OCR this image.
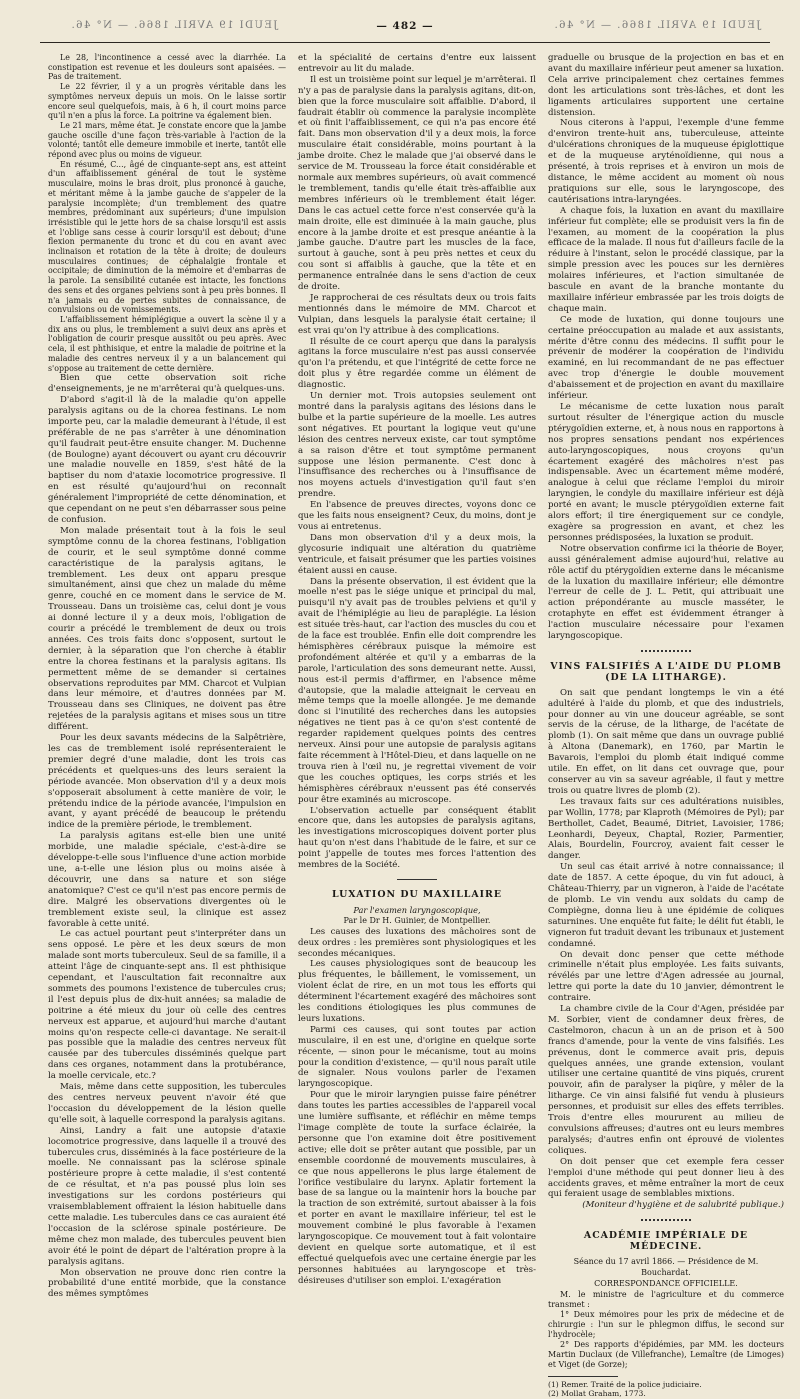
JEUDI 19 AVRIL 1866. — N° 46.	— 482 —	JEUDI 19 AVRIL 1866. — N° 46.

Le 28, l'incontinence a cessé avec la diarrhée. La constipation est revenue et les douleurs sont apaisées. — Pas de traitement.

Le 22 février, il y a un progrès véritable dans les symptômes nerveux depuis un mois. On le laisse sortir encore seul quelquefois, mais, à 6 h, il court moins parce qu'il n'en a plus la force. La poitrine va également bien.

Le 21 mars, même état. Je constate encore que la jambe gauche oscille d'une façon très-variable à l'action de la volonté; tantôt elle demeure immobile et inerte, tantôt elle répond avec plus ou moins de vigueur.

En résumé, C..., âgé de cinquante-sept ans, est atteint d'un affaiblissement général de tout le système musculaire, moins le bras droit, plus prononcé à gauche, et méritant même à la jambe gauche de s'appeler de la paralysie incomplète; d'un tremblement des quatre membres, prédominant aux supérieurs; d'une impulsion irrésistible qui le jette hors de sa chaise lorsqu'il est assis et l'oblige sans cesse à courir lorsqu'il est debout; d'une flexion permanente du tronc et du cou en avant avec inclinaison et rotation de la tête à droite; de douleurs musculaires continues; de céphalalgie frontale et occipitale; de diminution de la mémoire et d'embarras de la parole. La sensibilité cutanée est intacte, les fonctions des sens et des organes pelviens sont à peu près bonnes. Il n'a jamais eu de pertes subites de connaissance, de convulsions ou de vomissements.

L'affaiblissement hémiplégique a ouvert la scène il y a dix ans ou plus, le tremblement a suivi deux ans après et l'obligation de courir presque aussitôt ou peu après. Avec cela, il est phthisique, et entre la maladie de poitrine et la maladie des centres nerveux il y a un balancement qui s'oppose au traitement de cette dernière.

Bien que cette observation soit riche d'enseignements, je ne m'arrêterai qu'à quelques-uns.

D'abord s'agit-il là de la maladie qu'on appelle paralysis agitans ou de la chorea festinans. Le nom importe peu, car la maladie demeurant à l'étude, il est préférable de ne pas s'arrêter à une dénomination qu'il faudrait peut-être ensuite changer. M. Duchenne (de Boulogne) ayant découvert ou ayant cru découvrir une maladie nouvelle en 1859, s'est hâté de la baptiser du nom d'ataxie locomotrice progressive. Il en est résulté qu'aujourd'hui on reconnaît généralement l'impropriété de cette dénomination, et que cependant on ne peut s'en débarrasser sous peine de confusion.

Mon malade présentait tout à la fois le seul symptôme connu de la chorea festinans, l'obligation de courir, et le seul symptôme donné comme caractéristique de la paralysis agitans, le tremblement. Les deux ont apparu presque simultanément, ainsi que chez un malade du même genre, couché en ce moment dans le service de M. Trousseau. Dans un troisième cas, celui dont je vous ai donné lecture il y a deux mois, l'obligation de courir a précédé le tremblement de deux ou trois années. Ces trois faits donc s'opposent, surtout le dernier, à la séparation que l'on cherche à établir entre la chorea festinans et la paralysis agitans. Ils permettent même de se demander si certaines observations reproduites par MM. Charcot et Vulpian dans leur mémoire, et d'autres données par M. Trousseau dans ses Cliniques, ne doivent pas être rejetées de la paralysis agitans et mises sous un titre différent.

Pour les deux savants médecins de la Salpêtrière, les cas de tremblement isolé représenteraient le premier degré d'une maladie, dont les trois cas précédents et quelques-uns des leurs seraient la période avancée. Mon observation d'il y a deux mois s'opposerait absolument à cette manière de voir, le prétendu indice de la période avancée, l'impulsion en avant, y ayant précédé de beaucoup le prétendu indice de la première période, le tremblement.

La paralysis agitans est-elle bien une unité morbide, une maladie spéciale, c'est-à-dire se développe-t-elle sous l'influence d'une action morbide une, a-t-elle une lésion plus ou moins aisée à découvrir, une dans sa nature et son siége anatomique? C'est ce qu'il n'est pas encore permis de dire. Malgré les observations divergentes où le tremblement existe seul, la clinique est assez favorable à cette unité.

Le cas actuel pourtant peut s'interpréter dans un sens opposé. Le père et les deux sœurs de mon malade sont morts tuberculeux. Seul de sa famille, il a atteint l'âge de cinquante-sept ans. Il est phthisique cependant, et l'auscultation fait reconnaître aux sommets des poumons l'existence de tubercules crus; il l'est depuis plus de dix-huit années; sa maladie de poitrine a été mieux du jour où celle des centres nerveux est apparue, et aujourd'hui marche d'autant moins qu'on respecte celle-ci davantage. Ne serait-il pas possible que la maladie des centres nerveux fût causée par des tubercules disséminés quelque part dans ces organes, notamment dans la protubérance, la moelle cervicale, etc.?

Mais, même dans cette supposition, les tubercules des centres nerveux peuvent n'avoir été que l'occasion du développement de la lésion quelle qu'elle soit, à laquelle correspond la paralysis agitans.

Ainsi, Landry a fait une autopsie d'ataxie locomotrice progressive, dans laquelle il a trouvé des tubercules crus, disséminés à la face postérieure de la moelle. Ne connaissant pas la sclérose spinale postérieure propre à cette maladie, il s'est contenté de ce résultat, et n'a pas poussé plus loin ses investigations sur les cordons postérieurs qui vraisemblablement offraient la lésion habituelle dans cette maladie. Les tubercules dans ce cas auraient été l'occasion de la sclérose spinale postérieure. De même chez mon malade, des tubercules peuvent bien avoir été le point de départ de l'altération propre à la paralysis agitans.

Mon observation ne prouve donc rien contre la probabilité d'une entité morbide, que la constance des mêmes symptômes

et la spécialité de certains d'entre eux laissent entrevoir au lit du malade.

Il est un troisième point sur lequel je m'arrêterai. Il n'y a pas de paralysie dans la paralysis agitans, dit-on, bien que la force musculaire soit affaiblie. D'abord, il faudrait établir où commence la paralysie incomplète et où finit l'affaiblissement, ce qui n'a pas encore été fait. Dans mon observation d'il y a deux mois, la force musculaire était considérable, moins pourtant à la jambe droite. Chez le malade que j'ai observé dans le service de M. Trousseau la force était considérable et normale aux membres supérieurs, où avait commencé le tremblement, tandis qu'elle était très-affaiblie aux membres inférieurs où le tremblement était léger. Dans le cas actuel cette force n'est conservée qu'à la main droite, elle est diminuée à la main gauche, plus encore à la jambe droite et est presque anéantie à la jambe gauche. D'autre part les muscles de la face, surtout à gauche, sont à peu près nettes et ceux du cou sont si affaiblis à gauche, que la tête et en permanence entraînée dans le sens d'action de ceux de droite.

Je rapprocherai de ces résultats deux ou trois faits mentionnés dans le mémoire de MM. Charcot et Vulpian, dans lesquels la paralysie était certaine; il est vrai qu'on l'y attribue à des complications.

Il résulte de ce court aperçu que dans la paralysis agitans la force musculaire n'est pas aussi conservée qu'on l'a prétendu, et que l'intégrité de cette force ne doit plus y être regardée comme un élément de diagnostic.

Un dernier mot. Trois autopsies seulement ont montré dans la paralysis agitans des lésions dans le bulbe et la partie supérieure de la moelle. Les autres sont négatives. Et pourtant la logique veut qu'une lésion des centres nerveux existe, car tout symptôme a sa raison d'être et tout symptôme permanent suppose une lésion permanente. C'est donc à l'insuffisance des recherches ou à l'insuffisance de nos moyens actuels d'investigation qu'il faut s'en prendre.

En l'absence de preuves directes, voyons donc ce que les faits nous enseignent? Ceux, du moins, dont je vous ai entretenus.

Dans mon observation d'il y a deux mois, la glycosurie indiquait une altération du quatrième ventricule, et faisait présumer que les parties voisines étaient aussi en cause.

Dans la présente observation, il est évident que la moelle n'est pas le siége unique et principal du mal, puisqu'il n'y avait pas de troubles pelviens et qu'il y avait de l'hémiplégie au lieu de paraplégie. La lésion est située très-haut, car l'action des muscles du cou et de la face est troublée. Enfin elle doit comprendre les hémisphères cérébraux puisque la mémoire est profondément altérée et qu'il y a embarras de la parole, l'articulation des sons demeurant nette. Aussi, nous est-il permis d'affirmer, en l'absence même d'autopsie, que la maladie atteignait le cerveau en même temps que la moelle allongée. Je me demande donc si l'inutilité des recherches dans les autopsies négatives ne tient pas à ce qu'on s'est contenté de regarder rapidement quelques points des centres nerveux. Ainsi pour une autopsie de paralysis agitans faite récemment à l'Hôtel-Dieu, et dans laquelle on ne trouva rien à l'œil nu, je regrettai vivement de voir que les couches optiques, les corps striés et les hémisphères cérébraux n'eussent pas été conservés pour être examinés au microscope.

L'observation actuelle par conséquent établit encore que, dans les autopsies de paralysis agitans, les investigations microscopiques doivent porter plus haut qu'on n'est dans l'habitude de le faire, et sur ce point j'appelle de toutes mes forces l'attention des membres de la Société.

LUXATION DU MAXILLAIRE

Par l'examen laryngoscopique,

Par le Dr H. Guinier, de Montpellier.

Les causes des luxations des mâchoires sont de deux ordres : les premières sont physiologiques et les secondes mécaniques.

Les causes physiologiques sont de beaucoup les plus fréquentes, le bâillement, le vomissement, un violent éclat de rire, en un mot tous les efforts qui déterminent l'écartement exagéré des mâchoires sont les conditions étiologiques les plus communes de leurs luxations.

Parmi ces causes, qui sont toutes par action musculaire, il en est une, d'origine en quelque sorte récente, — sinon pour le mécanisme, tout au moins pour la condition d'existence, — qu'il nous paraît utile de signaler. Nous voulons parler de l'examen laryngoscopique.

Pour que le miroir laryngien puisse faire pénétrer dans toutes les parties accessibles de l'appareil vocal une lumière suffisante, et réfléchir en même temps l'image complète de toute la surface éclairée, la personne que l'on examine doit être positivement active; elle doit se prêter autant que possible, par un ensemble coordonné de mouvements musculaires, à ce que nous appellerons le plus large étalement de l'orifice vestibulaire du larynx. Aplatir fortement la base de sa langue ou la maintenir hors la bouche par la traction de son extrémité, surtout abaisser à la fois et porter en avant le maxillaire inférieur, tel est le mouvement combiné le plus favorable à l'examen laryngoscopique. Ce mouvement tout à fait volontaire devient en quelque sorte automatique, et il est effectué quelquefois avec une certaine énergie par les personnes habituées au laryngoscope et très-désireuses d'utiliser son emploi. L'exagération

graduelle ou brusque de la projection en bas et en avant du maxillaire inférieur peut amener sa luxation. Cela arrive principalement chez certaines femmes dont les articulations sont très-lâches, et dont les ligaments articulaires supportent une certaine distension.

Nous citerons à l'appui, l'exemple d'une femme d'environ trente-huit ans, tuberculeuse, atteinte d'ulcérations chroniques de la muqueuse épiglottique et de la muqueuse aryténoïdienne, qui nous a présenté, à trois reprises et à environ un mois de distance, le même accident au moment où nous pratiquions sur elle, sous le laryngoscope, des cautérisations intra-laryngées.

A chaque fois, la luxation en avant du maxillaire inférieur fut complète; elle se produisit vers la fin de l'examen, au moment de la coopération la plus efficace de la malade. Il nous fut d'ailleurs facile de la réduire à l'instant, selon le procédé classique, par la simple pression avec les pouces sur les dernières molaires inférieures, et l'action simultanée de bascule en avant de la branche montante du maxillaire inférieur embrassée par les trois doigts de chaque main.

Ce mode de luxation, qui donne toujours une certaine préoccupation au malade et aux assistants, mérite d'être connu des médecins. Il suffit pour le prévenir de modérer la coopération de l'individu examiné, en lui recommandant de ne pas effectuer avec trop d'énergie le double mouvement d'abaissement et de projection en avant du maxillaire inférieur.

Le mécanisme de cette luxation nous paraît surtout résulter de l'énergique action du muscle ptérygoïdien externe, et, à nous nous en rapportons à nos propres sensations pendant nos expériences auto-laryngoscopiques, nous croyons qu'un écartement exagéré des mâchoires n'est pas indispensable. Avec un écartement même modéré, analogue à celui que réclame l'emploi du miroir laryngien, le condyle du maxillaire inférieur est déjà porté en avant; le muscle ptérygoïdien externe fait alors effort; il tire énergiquement sur ce condyle, exagère sa progression en avant, et chez les personnes prédisposées, la luxation se produit.

Notre observation confirme ici la théorie de Boyer, aussi généralement admise aujourd'hui, relative au rôle actif du ptérygoïdien externe dans le mécanisme de la luxation du maxillaire inférieur; elle démontre l'erreur de celle de J. L. Petit, qui attribuait une action prépondérante au muscle masséter, le crotaphyte en effet est évidemment étranger à l'action musculaire nécessaire pour l'examen laryngoscopique.

VINS FALSIFIÉS A L'AIDE DU PLOMB (DE LA LITHARGE).

On sait que pendant longtemps le vin a été adultéré à l'aide du plomb, et que des industriels, pour donner au vin une douceur agréable, se sont servis de la céruse, de la litharge, de l'acétate de plomb (1). On sait même que dans un ouvrage publié à Altona (Danemark), en 1760, par Martin le Bavarois, l'emploi du plomb était indiqué comme utile. En effet, on lit dans cet ouvrage que, pour conserver au vin sa saveur agréable, il faut y mettre trois ou quatre livres de plomb (2).

Les travaux faits sur ces adultérations nuisibles, par Wollin, 1778; par Klaproth (Mémoires de Pyl); par Berthollet, Cadet, Beaumé, Ditriet, Lavoisier, 1786; Leonhardi, Deyeux, Chaptal, Rozier, Parmentier, Alais, Bourdelin, Fourcroy, avaient fait cesser le danger.

Un seul cas était arrivé à notre connaissance; il date de 1857. A cette époque, du vin fut adouci, à Château-Thierry, par un vigneron, à l'aide de l'acétate de plomb. Le vin vendu aux soldats du camp de Compiègne, donna lieu à une épidémie de coliques saturnines. Une enquête fut faite; le délit fut établi, le vigneron fut traduit devant les tribunaux et justement condamné.

On devait donc penser que cette méthode criminelle n'était plus employée. Les faits suivants, révélés par une lettre d'Agen adressée au journal, lettre qui porte la date du 10 janvier, démontrent le contraire.

La chambre civile de la Cour d'Agen, présidée par M. Sorbier, vient de condamner deux frères, de Castelmoron, chacun à un an de prison et à 500 francs d'amende, pour la vente de vins falsifiés. Les prévenus, dont le commerce avait pris, depuis quelques années, une grande extension, voulant utiliser une certaine quantité de vins piqués, crurent pouvoir, afin de paralyser la piqûre, y mêler de la litharge. Ce vin ainsi falsifié fut vendu à plusieurs personnes, et produisit sur elles des effets terribles. Trois d'entre elles moururent au milieu de convulsions affreuses; d'autres ont eu leurs membres paralysés; d'autres enfin ont éprouvé de violentes coliques.

On doit penser que cet exemple fera cesser l'emploi d'une méthode qui peut donner lieu à des accidents graves, et même entraîner la mort de ceux qui feraient usage de semblables mixtions.

(Moniteur d'hygiène et de salubrité publique.)

ACADÉMIE IMPÉRIALE DE MÉDECINE.

Séance du 17 avril 1866. — Présidence de M. Bouchardat.

CORRESPONDANCE OFFICIELLE.

M. le ministre de l'agriculture et du commerce transmet :

1° Deux mémoires pour les prix de médecine et de chirurgie : l'un sur le phlegmon diffus, le second sur l'hydrocèle;

2° Des rapports d'épidémies, par MM. les docteurs Martin Duclaux (de Villefranche), Lemaître (de Limoges) et Viget (de Gorze);

(1) Remer. Traité de la police judiciaire.

(2) Mollat Graham, 1773.
